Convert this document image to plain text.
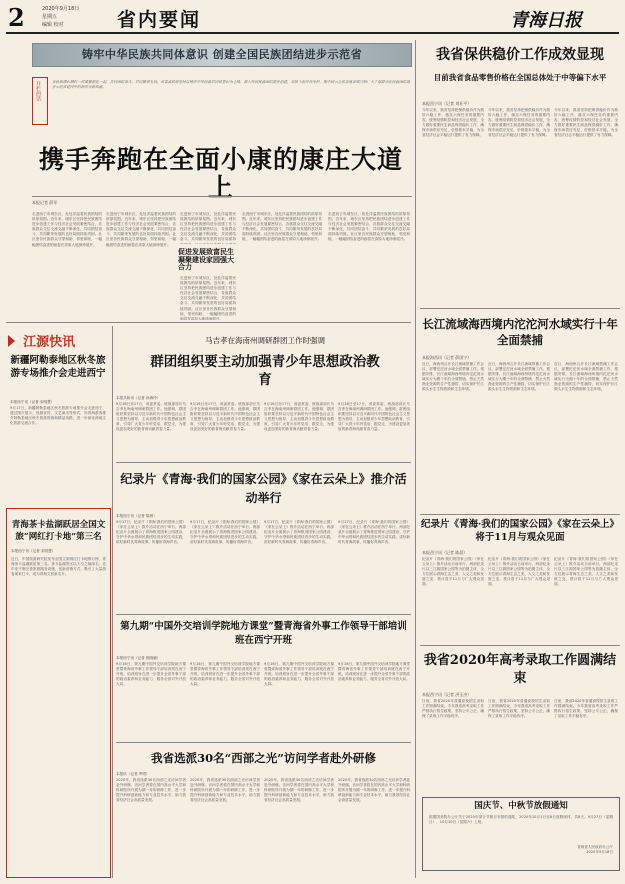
2	2020年9月18日
星期五
编辑 校对	省内要闻	青海日报
铸牢中华民族共同体意识 创建全国民族团结进步示范省
开栏的话	各民族像石榴籽一样紧紧抱在一起，共同团结奋斗、共同繁荣发展。省委省政府坚持以铸牢中华民族共同体意识为主线，深入开展民族团结进步创建，本报今起开设专栏，集中展示全省各地各部门和广大干部群众在民族团结进步示范省建设中的新作为新成就。
携手奔跑在全面小康的康庄大道上
本报记者 薛军
走进西宁市城东区，处处洋溢着民族团结的浓厚氛围。近年来，城东区坚持把民族团结进步创建工作与经济社会发展紧密结合，各族群众交往交流交融不断深化，共同团结奋斗、共同繁荣发展的良好局面持续巩固。社区里各民族群众守望相助，邻里和睦，一幅幅团结奋进的画卷在高原大地徐徐展开。
走进西宁市城东区，处处洋溢着民族团结的浓厚氛围。近年来，城东区坚持把民族团结进步创建工作与经济社会发展紧密结合，各族群众交往交流交融不断深化，共同团结奋斗、共同繁荣发展的良好局面持续巩固。社区里各民族群众守望相助，邻里和睦，一幅幅团结奋进的画卷在高原大地徐徐展开。
走进西宁市城东区，处处洋溢着民族团结的浓厚氛围。近年来，城东区坚持把民族团结进步创建工作与经济社会发展紧密结合，各族群众交往交流交融不断深化，共同团结奋斗、共同繁荣发展的良好局面持
促进发展致富民生 凝聚建设家园强大合力
走进西宁市城东区，处处洋溢着民族团结的浓厚氛围。近年来，城东区坚持把民族团结进步创建工作与经济社会发展紧密结合，各族群众交往交流交融不断深化，共同团结奋斗、共同繁荣发展的良好局面持续巩固。社区里各民族群众守望相助，邻里和睦，一幅幅团结奋进的画卷在高原大地徐徐展开。
走进西宁市城东区，处处洋溢着民族团结的浓厚氛围。近年来，城东区坚持把民族团结进步创建工作与经济社会发展紧密结合，各族群众交往交流交融不断深化，共同团结奋斗、共同繁荣发展的良好局面持续巩固。社区里各民族群众守望相助，邻里和睦，一幅幅团结奋进的画卷在高原大地徐徐展开。
走进西宁市城东区，处处洋溢着民族团结的浓厚氛围。近年来，城东区坚持把民族团结进步创建工作与经济社会发展紧密结合，各族群众交往交流交融不断深化，共同团结奋斗、共同繁荣发展的良好局面持续巩固。社区里各民族群众守望相助，邻里和睦，一幅幅团结奋进的画卷在高原大地徐徐展开。
我省保供稳价工作成效显现
目前我省食品零售价格在全国总体处于中等偏下水平
本报西宁讯（记者 刘亚平）
今年以来，我省坚持把保供稳价作为做好六稳工作、落实六保任务的重要内容，统筹疫情防控和经济社会发展，全力做好重要民生商品保供稳价工作，确保市场供应充足、价格基本平稳，为全省经济社会平稳运行提供了有力保障。
今年以来，我省坚持把保供稳价作为做好六稳工作、落实六保任务的重要内容，统筹疫情防控和经济社会发展，全力做好重要民生商品保供稳价工作，确保市场供应充足、价格基本平稳，为全省经济社会平稳运行提供了有力保障。
今年以来，我省坚持把保供稳价作为做好六稳工作、落实六保任务的重要内容，统筹疫情防控和经济社会发展，全力做好重要民生商品保供稳价工作，确保市场供应充足、价格基本平稳，为全省经济社会平稳运行提供了有力保障。
长江流域海西境内沱沱河水域实行十年全面禁捕
本报海西讯（记者 薛国宁）
近日，海西州召开长江流域禁捕工作会议，部署沱沱河水域全面禁捕工作。根据安排，长江流域海西州境内沱沱河水域实行为期十年的全面禁捕，禁止天然渔业资源的生产性捕捞，切实保护长江源头水生生物资源和生态环境。
近日，海西州召开长江流域禁捕工作会议，部署沱沱河水域全面禁捕工作。根据安排，长江流域海西州境内沱沱河水域实行为期十年的全面禁捕，禁止天然渔业资源的生产性捕捞，切实保护长江源头水生生物资源和生态环境。
近日，海西州召开长江流域禁捕工作会议，部署沱沱河水域全面禁捕工作。根据安排，长江流域海西州境内沱沱河水域实行为期十年的全面禁捕，禁止天然渔业资源的生产性捕捞，切实保护长江源头水生生物资源和生态环境。
纪录片《青海·我们的国家公园》《家在云朵上》将于11月与观众见面
本报西宁讯（记者 陈晨）
纪录片《青海·我们的国家公园》《家在云朵上》推介活动日前举行，两部纪录片以三江源国家公园等为拍摄主体，全方位展示青海生态之美、人文之美和发展之变，预计将于11月与广大观众见面。
纪录片《青海·我们的国家公园》《家在云朵上》推介活动日前举行，两部纪录片以三江源国家公园等为拍摄主体，全方位展示青海生态之美、人文之美和发展之变，预计将于11月与广大观众见面。
纪录片《青海·我们的国家公园》《家在云朵上》推介活动日前举行，两部纪录片以三江源国家公园等为拍摄主体，全方位展示青海生态之美、人文之美和发展之变，预计将于11月与广大观众见面。
我省2020年高考录取工作圆满结束
本报西宁讯（记者 洪玉杰）
日前，我省2020年普通高校招生录取工作圆满结束。今年我省高考录取工作严格执行招生政策，坚持公平公正，确保了录取工作平稳有序。
日前，我省2020年普通高校招生录取工作圆满结束。今年我省高考录取工作严格执行招生政策，坚持公平公正，确保了录取工作平稳有序。
日前，我省2020年普通高校招生录取工作圆满结束。今年我省高考录取工作严格执行招生政策，坚持公平公正，确保了录取工作平稳有序。
国庆节、中秋节放假通知
根据国务院办公厅关于2020年部分节假日安排的通知，2020年10月1日至8日放假调休，共8天。9月27日（星期日）、10月10日（星期六）上班。
青海省人民政府办公厅
2020年9月18日
江源快讯
新疆阿勒泰地区秋冬旅游专场推介会走进西宁
本报西宁讯（记者 宋明慧）
9月17日，新疆阿勒泰地区秋冬旅游专场推介会走进西宁，通过图片展示、视频宣传、文艺演出等形式，向青海游客推介阿勒泰地区秋冬旅游资源和精品线路，进一步深化两地文化旅游交流合作。
青海茶卡盐湖跃居全国文旅“网红打卡地”第三名
本报西宁讯（记者 宋明慧）
近日，中国旅游研究院发布全国文旅网红打卡地排行榜，青海茶卡盐湖跃居第三名。茶卡盐湖景区以天空之镜闻名，近年来不断完善旅游服务设施，创新营销方式，吸引了大量游客前来打卡，成为青海文旅新名片。
马吉孝在海南州调研群团工作时强调
群团组织要主动加强青少年思想政治教育
本报共和讯（记者 孙海玲）
9月16日至17日，省委常委、统战部部长马吉孝在海南州调研群团工作。他强调，群团组织要坚持以习近平新时代中国特色社会主义思想为指导，主动加强青少年思想政治教育，引导广大青少年听党话、跟党走，为建设更加美好的新青海贡献青春力量。
9月16日至17日，省委常委、统战部部长马吉孝在海南州调研群团工作。他强调，群团组织要坚持以习近平新时代中国特色社会主义思想为指导，主动加强青少年思想政治教育，引导广大青少年听党话、跟党走，为建设更加美好的新青海贡献青春力量。
9月16日至17日，省委常委、统战部部长马吉孝在海南州调研群团工作。他强调，群团组织要坚持以习近平新时代中国特色社会主义思想为指导，主动加强青少年思想政治教育，引导广大青少年听党话、跟党走，为建设更加美好的新青海贡献青春力量。
9月16日至17日，省委常委、统战部部长马吉孝在海南州调研群团工作。他强调，群团组织要坚持以习近平新时代中国特色社会主义思想为指导，主动加强青少年思想政治教育，引导广大青少年听党话、跟党走，为建设更加美好的新青海贡献青春力量。
纪录片《青海·我们的国家公园》《家在云朵上》推介活动举行
本报西宁讯（记者 陈晨）
9月17日，纪录片《青海·我们的国家公园》《家在云朵上》推介活动在西宁举行。两部纪录片全面展示了青海推进国家公园建设、守护中华水塔和民族团结进步的生动实践，讲好新时代青海故事，传播好青海声音。
9月17日，纪录片《青海·我们的国家公园》《家在云朵上》推介活动在西宁举行。两部纪录片全面展示了青海推进国家公园建设、守护中华水塔和民族团结进步的生动实践，讲好新时代青海故事，传播好青海声音。
9月17日，纪录片《青海·我们的国家公园》《家在云朵上》推介活动在西宁举行。两部纪录片全面展示了青海推进国家公园建设、守护中华水塔和民族团结进步的生动实践，讲好新时代青海故事，传播好青海声音。
9月17日，纪录片《青海·我们的国家公园》《家在云朵上》推介活动在西宁举行。两部纪录片全面展示了青海推进国家公园建设、守护中华水塔和民族团结进步的生动实践，讲好新时代青海故事，传播好青海声音。
第九期“中国外交培训学院地方课堂”暨青海省外事工作领导干部培训班在西宁开班
本报西宁讯（记者 倪晓颖）
9月16日，第九期中国外交培训学院地方课堂暨青海省外事工作领导干部培训班在西宁开班。培训班旨在进一步提升全省外事干部的政治素养和业务能力，服务全省对外开放大局。
9月16日，第九期中国外交培训学院地方课堂暨青海省外事工作领导干部培训班在西宁开班。培训班旨在进一步提升全省外事干部的政治素养和业务能力，服务全省对外开放大局。
9月16日，第九期中国外交培训学院地方课堂暨青海省外事工作领导干部培训班在西宁开班。培训班旨在进一步提升全省外事干部的政治素养和业务能力，服务全省对外开放大局。
9月16日，第九期中国外交培训学院地方课堂暨青海省外事工作领导干部培训班在西宁开班。培训班旨在进一步提升全省外事干部的政治素养和业务能力，服务全省对外开放大局。
我省选派30名“西部之光”访问学者赴外研修
本报讯（记者 罗珺）
2020年，我省选派30名西部之光访问学者赴外研修。访问学者将在国内高水平大学和科研院所开展为期一年的研修工作，进一步提升科研创新能力和专业技术水平，助力我省经济社会高质量发展。
2020年，我省选派30名西部之光访问学者赴外研修。访问学者将在国内高水平大学和科研院所开展为期一年的研修工作，进一步提升科研创新能力和专业技术水平，助力我省经济社会高质量发展。
2020年，我省选派30名西部之光访问学者赴外研修。访问学者将在国内高水平大学和科研院所开展为期一年的研修工作，进一步提升科研创新能力和专业技术水平，助力我省经济社会高质量发展。
2020年，我省选派30名西部之光访问学者赴外研修。访问学者将在国内高水平大学和科研院所开展为期一年的研修工作，进一步提升科研创新能力和专业技术水平，助力我省经济社会高质量发展。
